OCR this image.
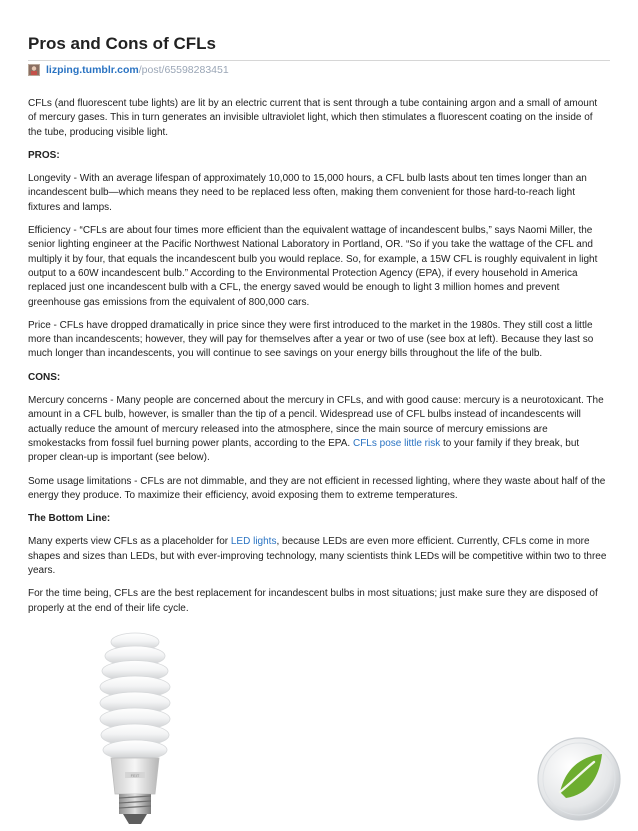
Pros and Cons of CFLs
lizping.tumblr.com /post/65598283451

CFLs (and fluorescent tube lights) are lit by an electric current that is sent through a tube containing argon and a small of amount of mercury gases. This in turn generates an invisible ultraviolet light, which then stimulates a fluorescent coating on the inside of the tube, producing visible light.

PROS:

Longevity - With an average lifespan of approximately 10,000 to 15,000 hours, a CFL bulb lasts about ten times longer than an incandescent bulb—which means they need to be replaced less often, making them convenient for those hard-to-reach light fixtures and lamps.

Efficiency - “CFLs are about four times more efficient than the equivalent wattage of incandescent bulbs,” says Naomi Miller, the senior lighting engineer at the Pacific Northwest National Laboratory in Portland, OR. “So if you take the wattage of the CFL and multiply it by four, that equals the incandescent bulb you would replace. So, for example, a 15W CFL is roughly equivalent in light output to a 60W incandescent bulb.” According to the Environmental Protection Agency (EPA), if every household in America replaced just one incandescent bulb with a CFL, the energy saved would be enough to light 3 million homes and prevent greenhouse gas emissions from the equivalent of 800,000 cars.

Price - CFLs have dropped dramatically in price since they were first introduced to the market in the 1980s. They still cost a little more than incandescents; however, they will pay for themselves after a year or two of use (see box at left). Because they last so much longer than incandescents, you will continue to see savings on your energy bills throughout the life of the bulb.

CONS:

Mercury concerns - Many people are concerned about the mercury in CFLs, and with good cause: mercury is a neurotoxicant. The amount in a CFL bulb, however, is smaller than the tip of a pencil. Widespread use of CFL bulbs instead of incandescents will actually reduce the amount of mercury released into the atmosphere, since the main source of mercury emissions are smokestacks from fossil fuel burning power plants, according to the EPA. CFLs pose little risk to your family if they break, but proper clean-up is important (see below).

Some usage limitations - CFLs are not dimmable, and they are not efficient in recessed lighting, where they waste about half of the energy they produce. To maximize their efficiency, avoid exposing them to extreme temperatures.

The Bottom Line:

Many experts view CFLs as a placeholder for LED lights, because LEDs are even more efficient. Currently, CFLs come in more shapes and sizes than LEDs, but with ever-improving technology, many scientists think LEDs will be competitive within two to three years.

For the time being, CFLs are the best replacement for incandescent bulbs in most situations; just make sure they are disposed of properly at the end of their life cycle.

FEIT
